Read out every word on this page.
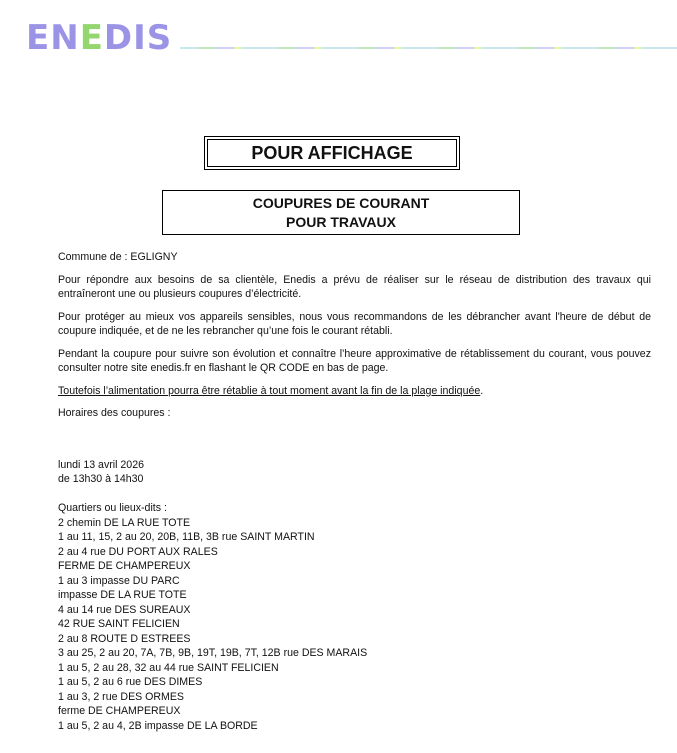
ENEDIS
POUR AFFICHAGE
COUPURES DE COURANT
POUR TRAVAUX

Commune de : EGLIGNY

Pour répondre aux besoins de sa clientèle, Enedis a prévu de réaliser sur le réseau de distribution des travaux qui entraîneront une ou plusieurs coupures d’électricité.

Pour protéger au mieux vos appareils sensibles, nous vous recommandons de les débrancher avant l'heure de début de coupure indiquée, et de ne les rebrancher qu’une fois le courant rétabli.

Pendant la coupure pour suivre son évolution et connaître l’heure approximative de rétablissement du courant, vous pouvez consulter notre site enedis.fr en flashant le QR CODE en bas de page.

Toutefois l’alimentation pourra être rétablie à tout moment avant la fin de la plage indiquée.

Horaires des coupures :

lundi 13 avril 2026
de 13h30 à 14h30
Quartiers ou lieux-dits :
2 chemin DE LA RUE TOTE
1 au 11, 15, 2 au 20, 20B, 11B, 3B rue SAINT MARTIN
2 au 4 rue DU PORT AUX RALES
FERME DE CHAMPEREUX
1 au 3 impasse DU PARC
impasse DE LA RUE TOTE
4 au 14 rue DES SUREAUX
42 RUE SAINT FELICIEN
2 au 8 ROUTE D ESTREES
3 au 25, 2 au 20, 7A, 7B, 9B, 19T, 19B, 7T, 12B rue DES MARAIS
1 au 5, 2 au 28, 32 au 44 rue SAINT FELICIEN
1 au 5, 2 au 6 rue DES DIMES
1 au 3, 2 rue DES ORMES
ferme DE CHAMPEREUX
1 au 5, 2 au 4, 2B impasse DE LA BORDE
